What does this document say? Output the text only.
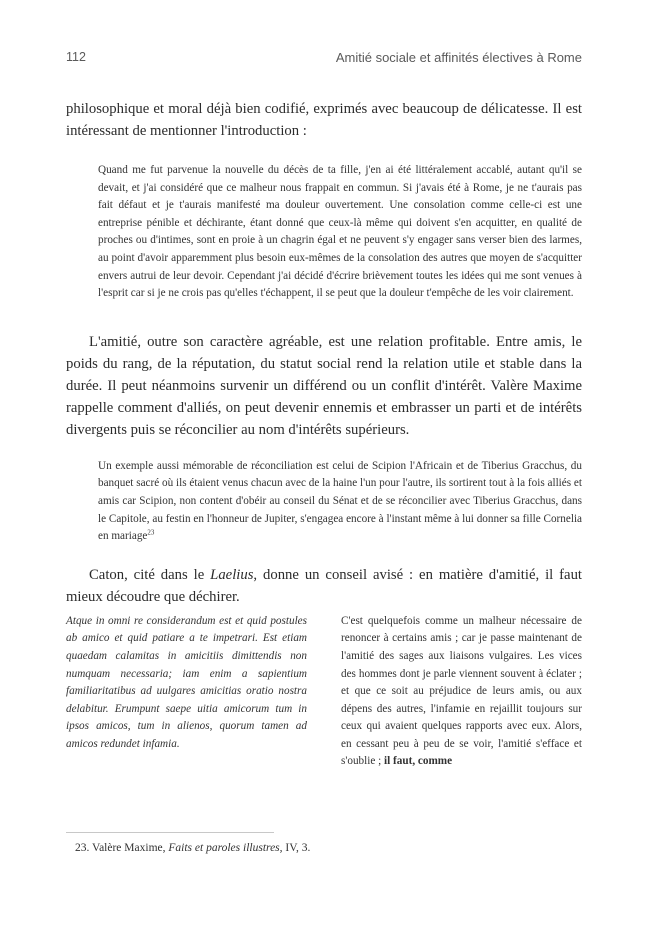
112	Amitié sociale et affinités électives à Rome

philosophique et moral déjà bien codifié, exprimés avec beaucoup de délicatesse. Il est intéressant de mentionner l'introduction :

Quand me fut parvenue la nouvelle du décès de ta fille, j'en ai été littéralement accablé, autant qu'il se devait, et j'ai considéré que ce malheur nous frappait en commun. Si j'avais été à Rome, je ne t'aurais pas fait défaut et je t'aurais manifesté ma douleur ouvertement. Une consolation comme celle-ci est une entreprise pénible et déchirante, étant donné que ceux-là même qui doivent s'en acquitter, en qualité de proches ou d'intimes, sont en proie à un chagrin égal et ne peuvent s'y engager sans verser bien des larmes, au point d'avoir apparemment plus besoin eux-mêmes de la consolation des autres que moyen de s'acquitter envers autrui de leur devoir. Cependant j'ai décidé d'écrire brièvement toutes les idées qui me sont venues à l'esprit car si je ne crois pas qu'elles t'échappent, il se peut que la douleur t'empêche de les voir clairement.

L'amitié, outre son caractère agréable, est une relation profitable. Entre amis, le poids du rang, de la réputation, du statut social rend la relation utile et stable dans la durée. Il peut néanmoins survenir un différend ou un conflit d'intérêt. Valère Maxime rappelle comment d'alliés, on peut devenir ennemis et embrasser un parti et de intérêts divergents puis se réconcilier au nom d'intérêts supérieurs.

Un exemple aussi mémorable de réconciliation est celui de Scipion l'Africain et de Tiberius Gracchus, du banquet sacré où ils étaient venus chacun avec de la haine l'un pour l'autre, ils sortirent tout à la fois alliés et amis car Scipion, non content d'obéir au conseil du Sénat et de se réconcilier avec Tiberius Gracchus, dans le Capitole, au festin en l'honneur de Jupiter, s'engagea encore à l'instant même à lui donner sa fille Cornelia en mariage$^{23}$

Caton, cité dans le Laelius, donne un conseil avisé : en matière d'amitié, il faut mieux découdre que déchirer.

Atque in omni re considerandum est et quid postules ab amico et quid patiare a te impetrari. Est etiam quaedam calamitas in amicitiis dimittendis non numquam necessaria; iam enim a sapientium familiaritatibus ad uulgares amicitias oratio nostra delabitur. Erumpunt saepe uitia amicorum tum in ipsos amicos, tum in alienos, quorum tamen ad amicos redundet infamia.
C'est quelquefois comme un malheur nécessaire de renoncer à certains amis ; car je passe maintenant de l'amitié des sages aux liaisons vulgaires. Les vices des hommes dont je parle viennent souvent à éclater ; et que ce soit au préjudice de leurs amis, ou aux dépens des autres, l'infamie en rejaillit toujours sur ceux qui avaient quelques rapports avec eux. Alors, en cessant peu à peu de se voir, l'amitié s'efface et s'oublie ; il faut, comme
23. Valère Maxime, Faits et paroles illustres, IV, 3.
